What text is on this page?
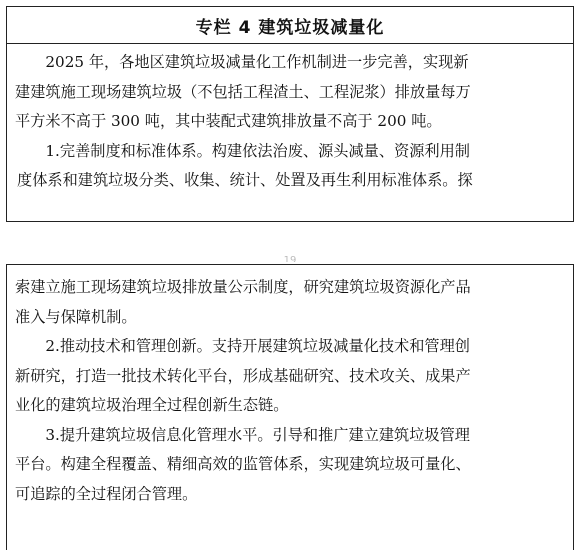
专栏 4 建筑垃圾减量化

2025 年，各地区建筑垃圾减量化工作机制进一步完善，实现新

建建筑施工现场建筑垃圾（不包括工程渣土、工程泥浆）排放量每万
平方米不高于 300 吨，其中装配式建筑排放量不高于 200 吨。

1.完善制度和标准体系。构建依法治废、源头减量、资源利用制

度体系和建筑垃圾分类、收集、统计、处置及再生利用标准体系。探

19

索建立施工现场建筑垃圾排放量公示制度，研究建筑垃圾资源化产品
准入与保障机制。

2.推动技术和管理创新。支持开展建筑垃圾减量化技术和管理创

新研究，打造一批技术转化平台，形成基础研究、技术攻关、成果产
业化的建筑垃圾治理全过程创新生态链。

3.提升建筑垃圾信息化管理水平。引导和推广建立建筑垃圾管理

平台。构建全程覆盖、精细高效的监管体系，实现建筑垃圾可量化、
可追踪的全过程闭合管理。
